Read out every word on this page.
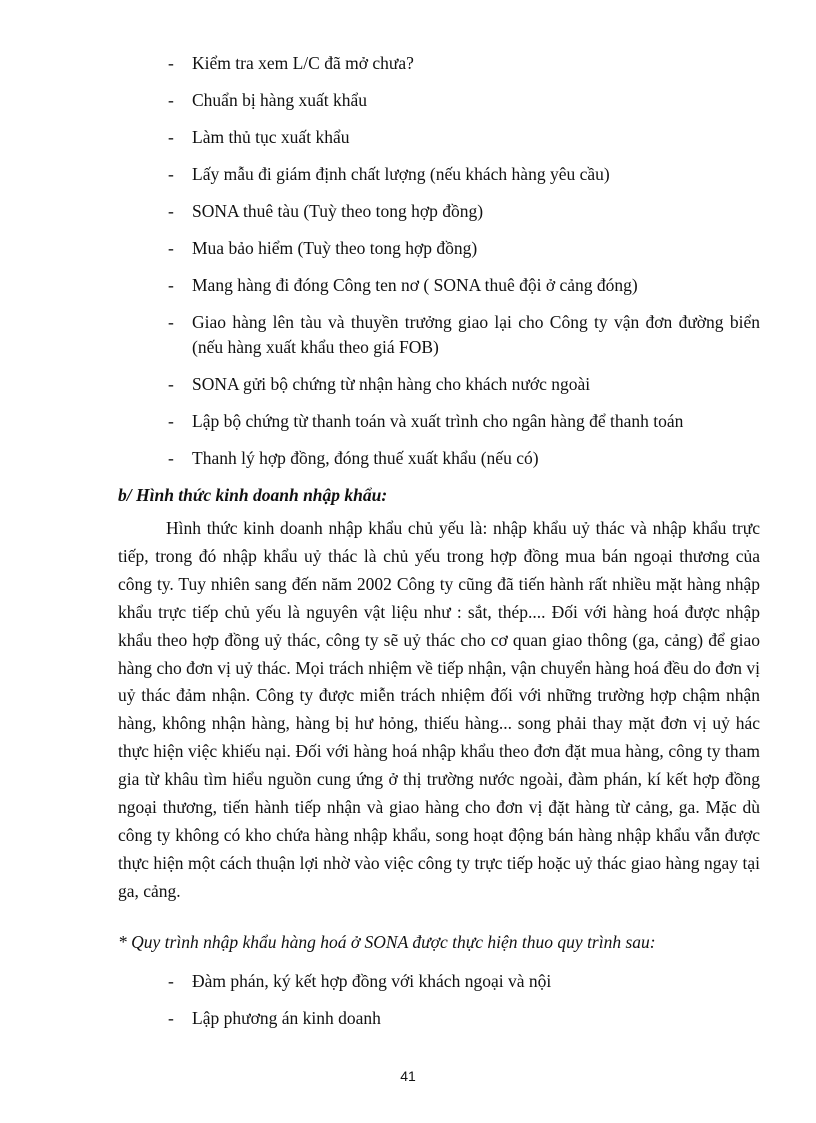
- Kiểm tra xem L/C đã mở chưa?
- Chuẩn bị hàng xuất khẩu
- Làm thủ tục xuất khẩu
- Lấy mẫu đi giám định chất lượng (nếu khách hàng yêu cầu)
- SONA thuê tàu (Tuỳ theo tong hợp đồng)
- Mua bảo hiểm (Tuỳ theo tong hợp đồng)
- Mang hàng đi đóng Công ten nơ ( SONA thuê đội ở cảng đóng)
- Giao hàng lên tàu và thuyền trưởng giao lại cho Công ty vận đơn đường biển (nếu hàng xuất khẩu theo giá FOB)
- SONA gửi bộ chứng từ nhận hàng cho khách nước ngoài
- Lập bộ chứng từ thanh toán và xuất trình cho ngân hàng để thanh toán
- Thanh lý hợp đồng, đóng thuế xuất khẩu (nếu có)

b/ Hình thức kinh doanh nhập khẩu:

Hình thức kinh doanh nhập khẩu chủ yếu là: nhập khẩu uỷ thác và nhập khẩu trực tiếp, trong đó nhập khẩu uỷ thác là chủ yếu trong hợp đồng mua bán ngoại thương của công ty. Tuy nhiên sang đến năm 2002 Công ty cũng đã tiến hành rất nhiều mặt hàng nhập khẩu trực tiếp chủ yếu là nguyên vật liệu như : sắt, thép.... Đối với hàng hoá được nhập khẩu theo hợp đồng uỷ thác, công ty sẽ uỷ thác cho cơ quan giao thông (ga, cảng) để giao hàng cho đơn vị uỷ thác. Mọi trách nhiệm về tiếp nhận, vận chuyển hàng hoá đều do đơn vị uỷ thác đảm nhận. Công ty được miễn trách nhiệm đối với những trường hợp chậm nhận hàng, không nhận hàng, hàng bị hư hỏng, thiếu hàng... song phải thay mặt đơn vị uỷ hác thực hiện việc khiếu nại. Đối với hàng hoá nhập khẩu theo đơn đặt mua hàng, công ty tham gia từ khâu tìm hiểu nguồn cung ứng ở thị trường nước ngoài, đàm phán, kí kết hợp đồng ngoại thương, tiến hành tiếp nhận và giao hàng cho đơn vị đặt hàng từ cảng, ga. Mặc dù công ty không có kho chứa hàng nhập khẩu, song hoạt động bán hàng nhập khẩu vẫn được thực hiện một cách thuận lợi nhờ vào việc công ty trực tiếp hoặc uỷ thác giao hàng ngay tại ga, cảng.

* Quy trình nhập khẩu hàng hoá ở SONA được thực hiện thuo quy trình sau:

- Đàm phán, ký kết hợp đồng với khách ngoại và nội
- Lập phương án kinh doanh

41
